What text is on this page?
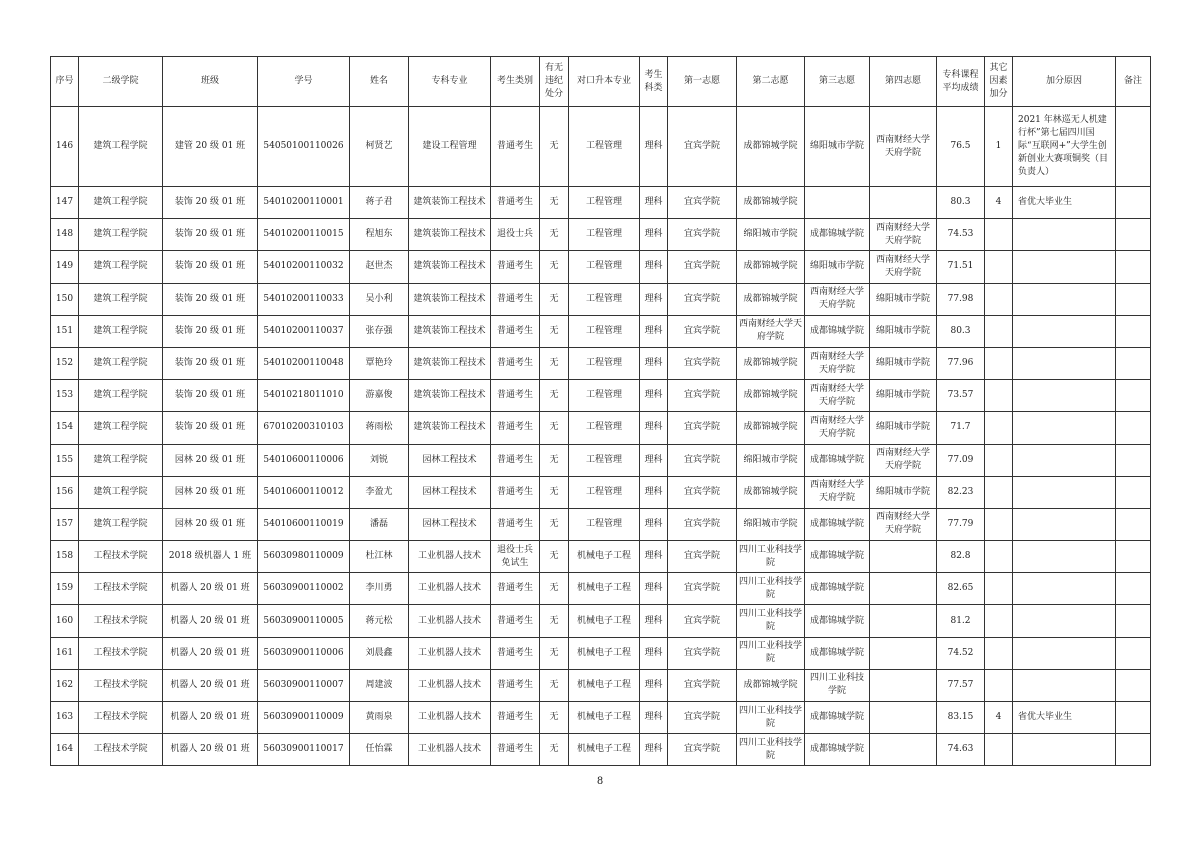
序号	二级学院	班级	学号	姓名	专科专业	考生类别	有无违纪处分	对口升本专业	考生科类	第一志愿	第二志愿	第三志愿	第四志愿	专科课程平均成绩	其它因素加分	加分原因	备注
146	建筑工程学院	建管 20 级 01 班	54050100110026	柯贤艺	建设工程管理	普通考生	无	工程管理	理科	宜宾学院	成都锦城学院	绵阳城市学院	西南财经大学天府学院	76.5	1	2021 年林巡无人机建行杯”第七届四川国际“互联网+”大学生创新创业大赛项铜奖（目负责人）	
147	建筑工程学院	装饰 20 级 01 班	54010200110001	蒋子君	建筑装饰工程技术	普通考生	无	工程管理	理科	宜宾学院	成都锦城学院			80.3	4	省优大毕业生	
148	建筑工程学院	装饰 20 级 01 班	54010200110015	程旭东	建筑装饰工程技术	退役士兵	无	工程管理	理科	宜宾学院	绵阳城市学院	成都锦城学院	西南财经大学天府学院	74.53			
149	建筑工程学院	装饰 20 级 01 班	54010200110032	赵世杰	建筑装饰工程技术	普通考生	无	工程管理	理科	宜宾学院	成都锦城学院	绵阳城市学院	西南财经大学天府学院	71.51			
150	建筑工程学院	装饰 20 级 01 班	54010200110033	吴小利	建筑装饰工程技术	普通考生	无	工程管理	理科	宜宾学院	成都锦城学院	西南财经大学天府学院	绵阳城市学院	77.98			
151	建筑工程学院	装饰 20 级 01 班	54010200110037	张存强	建筑装饰工程技术	普通考生	无	工程管理	理科	宜宾学院	西南财经大学天府学院	成都锦城学院	绵阳城市学院	80.3			
152	建筑工程学院	装饰 20 级 01 班	54010200110048	覃艳玲	建筑装饰工程技术	普通考生	无	工程管理	理科	宜宾学院	成都锦城学院	西南财经大学天府学院	绵阳城市学院	77.96			
153	建筑工程学院	装饰 20 级 01 班	54010218011010	游嘉俊	建筑装饰工程技术	普通考生	无	工程管理	理科	宜宾学院	成都锦城学院	西南财经大学天府学院	绵阳城市学院	73.57			
154	建筑工程学院	装饰 20 级 01 班	67010200310103	蒋雨松	建筑装饰工程技术	普通考生	无	工程管理	理科	宜宾学院	成都锦城学院	西南财经大学天府学院	绵阳城市学院	71.7			
155	建筑工程学院	园林 20 级 01 班	54010600110006	刘锐	园林工程技术	普通考生	无	工程管理	理科	宜宾学院	绵阳城市学院	成都锦城学院	西南财经大学天府学院	77.09			
156	建筑工程学院	园林 20 级 01 班	54010600110012	李盈尤	园林工程技术	普通考生	无	工程管理	理科	宜宾学院	成都锦城学院	西南财经大学天府学院	绵阳城市学院	82.23			
157	建筑工程学院	园林 20 级 01 班	54010600110019	潘磊	园林工程技术	普通考生	无	工程管理	理科	宜宾学院	绵阳城市学院	成都锦城学院	西南财经大学天府学院	77.79			
158	工程技术学院	2018 级机器人 1 班	56030980110009	杜江林	工业机器人技术	退役士兵免试生	无	机械电子工程	理科	宜宾学院	四川工业科技学院	成都锦城学院		82.8			
159	工程技术学院	机器人 20 级 01 班	56030900110002	李川勇	工业机器人技术	普通考生	无	机械电子工程	理科	宜宾学院	四川工业科技学院	成都锦城学院		82.65			
160	工程技术学院	机器人 20 级 01 班	56030900110005	蒋元松	工业机器人技术	普通考生	无	机械电子工程	理科	宜宾学院	四川工业科技学院	成都锦城学院		81.2			
161	工程技术学院	机器人 20 级 01 班	56030900110006	刘晨鑫	工业机器人技术	普通考生	无	机械电子工程	理科	宜宾学院	四川工业科技学院	成都锦城学院		74.52			
162	工程技术学院	机器人 20 级 01 班	56030900110007	周建波	工业机器人技术	普通考生	无	机械电子工程	理科	宜宾学院	成都锦城学院	四川工业科技学院		77.57			
163	工程技术学院	机器人 20 级 01 班	56030900110009	黄雨泉	工业机器人技术	普通考生	无	机械电子工程	理科	宜宾学院	四川工业科技学院	成都锦城学院		83.15	4	省优大毕业生	
164	工程技术学院	机器人 20 级 01 班	56030900110017	任怡霖	工业机器人技术	普通考生	无	机械电子工程	理科	宜宾学院	四川工业科技学院	成都锦城学院		74.63			
8
